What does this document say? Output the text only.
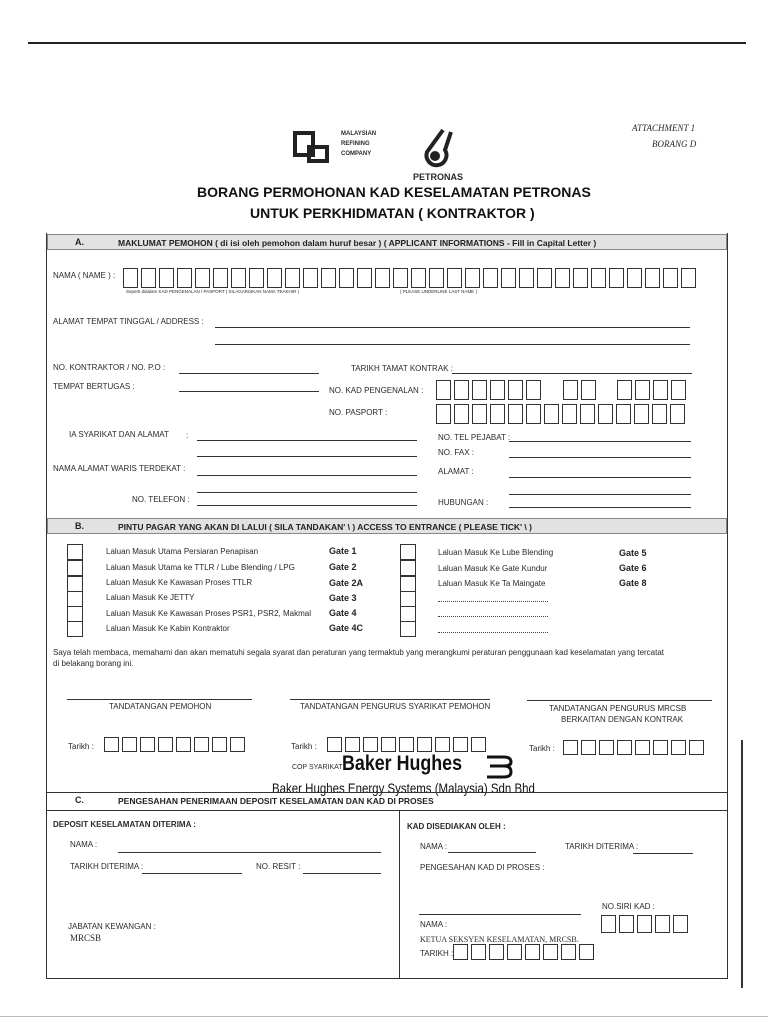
ATTACHMENT 1
BORANG D
MALAYSIAN
REFINING
COMPANY
PETRONAS
BORANG PERMOHONAN KAD KESELAMATAN PETRONAS
UNTUK PERKHIDMATAN ( KONTRAKTOR )
A.	MAKLUMAT PEMOHON ( di isi oleh pemohon dalam huruf besar ) ( APPLICANT INFORMATIONS - Fill in Capital Letter )
NAMA ( NAME ) :
Seperti didalam KAD PENGENALAN / PASPORT ( SILAGARISKAN NAMA TEAKHIR )	( PLEASE UNDERLINE LAST NAME )
ALAMAT TEMPAT TINGGAL / ADDRESS :
NO. KONTRAKTOR / NO. P.O :	TARIKH TAMAT KONTRAK :
TEMPAT BERTUGAS :	NO. KAD PENGENALAN :
NO. PASPORT :
IA SYARIKAT DAN ALAMAT :	NO. TEL PEJABAT :
NO. FAX :
NAMA ALAMAT WARIS TERDEKAT :	ALAMAT :
NO. TELEFON :	HUBUNGAN :
B.	PINTU PAGAR YANG AKAN DI LALUI ( SILA TANDAKAN' \ ) ACCESS TO ENTRANCE ( PLEASE TICK' \ )
Laluan Masuk Utama Persiaran Penapisan	Gate 1
Laluan Masuk Utama ke TTLR / Lube Blending / LPG	Gate 2
Laluan Masuk Ke Kawasan Proses TTLR	Gate 2A
Laluan Masuk Ke JETTY	Gate 3
Laluan Masuk Ke Kawasan Proses PSR1, PSR2, Makmal Gate 4
Laluan Masuk Ke Kabin Kontraktor	Gate 4C
Laluan Masuk Ke Lube Blending	Gate 5
Laluan Masuk Ke Gate Kundur	Gate 6
Laluan Masuk Ke Ta Maingate	Gate 8
Saya telah membaca, memahami dan akan mematuhi segala syarat dan peraturan yang termaktub yang merangkumi peraturan penggunaan kad keselamatan yang tercatat
di belakang borang ini.
TANDATANGAN PEMOHON	TANDATANGAN PENGURUS SYARIKAT PEMOHON	TANDATANGAN PENGURUS MRCSB
BERKAITAN DENGAN KONTRAK
Tarikh :	Tarikh :	Tarikh :
COP SYARIKAT Baker Hughes
Baker Hughes Energy Systems (Malaysia) Sdn Bhd
C.	PENGESAHAN PENERIMAAN DEPOSIT KESELAMATAN DAN KAD DI PROSES
DEPOSIT KESELAMATAN DITERIMA :
NAMA :
TARIKH DITERIMA :	NO. RESIT :
JABATAN KEWANGAN :
MRCSB
KAD DISEDIAKAN OLEH :
NAMA :	TARIKH DITERIMA :
PENGESAHAN KAD DI PROSES :
NO.SIRI KAD :
NAMA :
KETUA SEKSYEN KESELAMATAN, MRCSB.
TARIKH :
